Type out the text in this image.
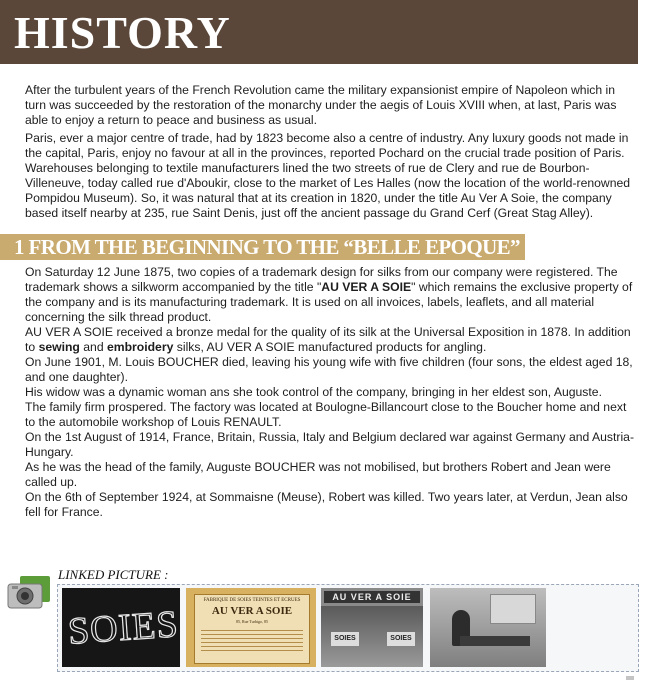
HISTORY

After the turbulent years of the French Revolution came the military expansionist empire of Napoleon which in turn was succeeded by the restoration of the monarchy under the aegis of Louis XVIII when, at last, Paris was able to enjoy a return to peace and business as usual.

Paris, ever a major centre of trade, had by 1823 become also a centre of industry. Any luxury goods not made in the capital, Paris, enjoy no favour at all in the provinces, reported Pochard on the crucial trade position of Paris. Warehouses belonging to textile manufacturers lined the two streets of rue de Clery and rue de Bourbon-Villeneuve, today called rue d'Aboukir, close to the market of Les Halles (now the location of the world-renowned Pompidou Museum). So, it was natural that at its creation in 1820, under the title Au Ver A Soie, the company based itself nearby at 235, rue Saint Denis, just off the ancient passage du Grand Cerf (Great Stag Alley).

1 FROM THE BEGINNING TO THE “BELLE EPOQUE”

On Saturday 12 June 1875, two copies of a trademark design for silks from our company were registered. The trademark shows a silkworm accompanied by the title "AU VER A SOIE" which remains the exclusive property of the company and is its manufacturing trademark. It is used on all invoices, labels, leaflets, and all material concerning the silk thread product.

AU VER A SOIE received a bronze medal for the quality of its silk at the Universal Exposition in 1878. In addition to sewing and embroidery silks, AU VER A SOIE manufactured products for angling.

On June 1901, M. Louis BOUCHER died, leaving his young wife with five children (four sons, the eldest aged 18, and one daughter).

His widow was a dynamic woman ans she took control of the company, bringing in her eldest son, Auguste.

The family firm prospered. The factory was located at Boulogne-Billancourt close to the Boucher home and next to the automobile workshop of Louis RENAULT.

On the 1st August of 1914, France, Britain, Russia, Italy and Belgium declared war against Germany and Austria-Hungary.

As he was the head of the family, Auguste BOUCHER was not mobilised, but brothers Robert and Jean were called up.

On the 6th of September 1924, at Sommaisne (Meuse), Robert was killed. Two years later, at Verdun, Jean also fell for France.

LINKED PICTURE :
SOIES
FABRIQUE DE SOIES TEINTES ET ECRUES
AU VER A SOIE
85, Rue Turbigo, 85
AU VER A SOIE
SOIES	SOIES
